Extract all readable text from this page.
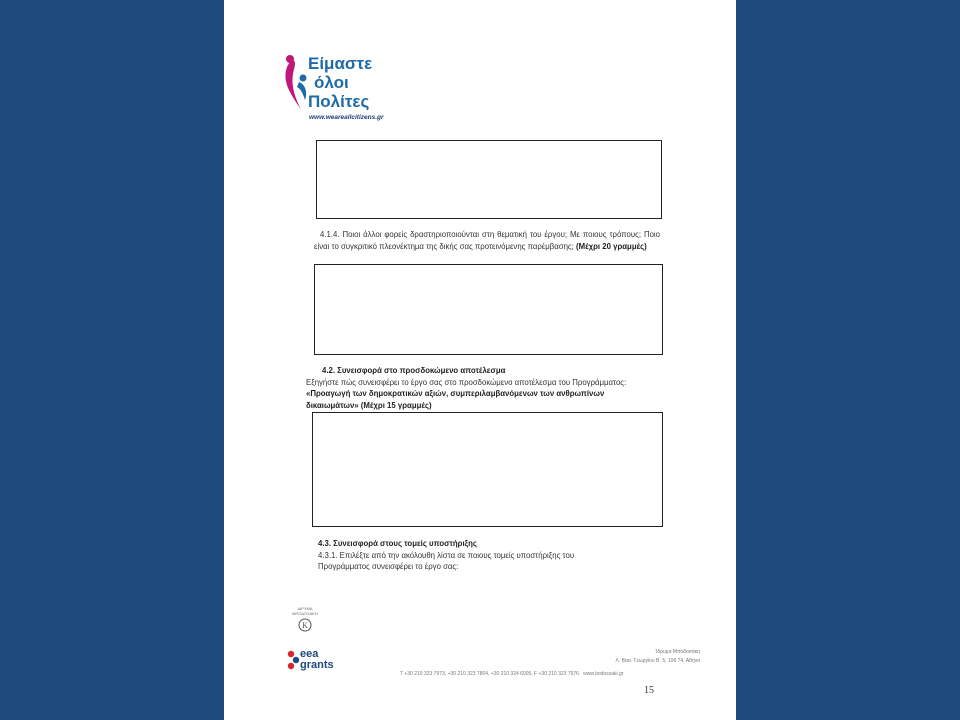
Είμαστε
όλοι
Πολίτες
www.weareallcitizens.gr
4.1.4. Ποιοι άλλοι φορείς δραστηριοποιούνται στη θεματική του έργου; Με ποιους τρόπους; Ποιο είναι το συγκριτικό πλεονέκτημα της δικής σας προτεινόμενης παρέμβασης; (Μέχρι 20 γραμμές)
4.2. Συνεισφορά στο προσδοκώμενο αποτέλεσμα
Εξηγήστε πώς συνεισφέρει το έργο σας στο προσδοκώμενο αποτέλεσμα του Προγράμματος: «Προαγωγή των δημοκρατικών αξιών, συμπεριλαμβανόμενων των ανθρωπίνων δικαιωμάτων» (Μέχρι 15 γραμμές)
4.3. Συνεισφορά στους τομείς υποστήριξης
4.3.1. Επιλέξτε από την ακόλουθη λίστα σε ποιους τομείς υποστήριξης του Προγράμματος συνεισφέρει το έργο σας:
ΙΔΡΥΜΑ ΜΠΟΔΟΣΑΚΗ
K
eea
grants
T +30 210 323 7973, +30 210 323 7804, +30 210 324 6005, F +30 210 323 7976 www.bodossaki.gr
Ίδρυμα Μποδοσάκη
Λ. Βασ. Γεωργίου Β΄ 5, 106 74, Αθήνα
15
